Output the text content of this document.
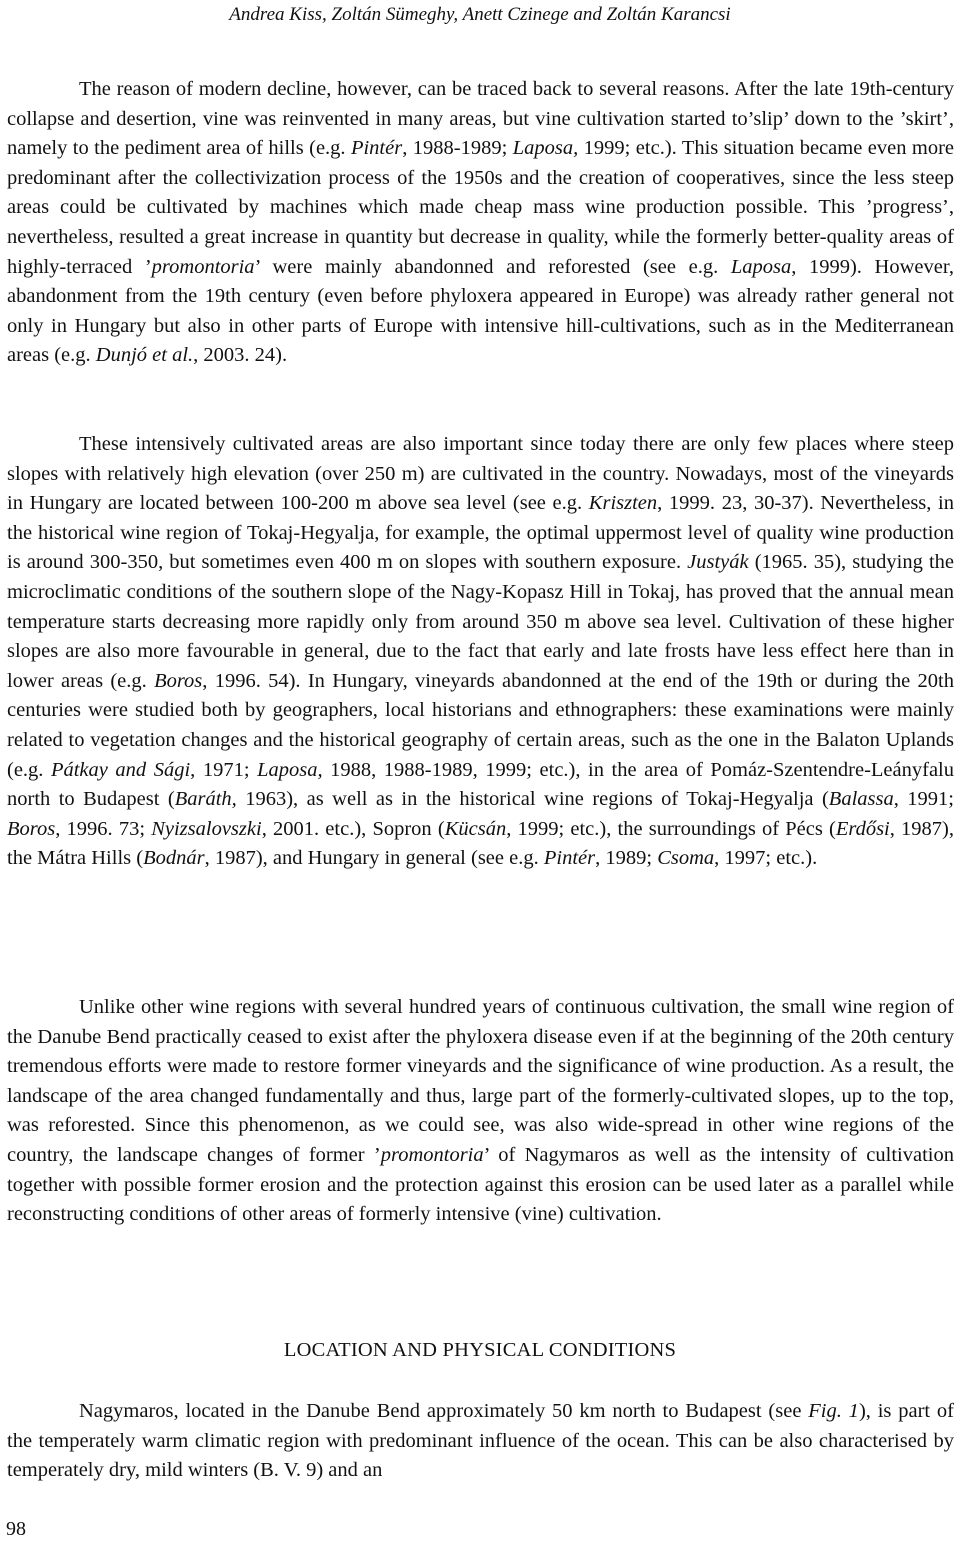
Andrea Kiss, Zoltán Sümeghy, Anett Czinege and Zoltán Karancsi

The reason of modern decline, however, can be traced back to several reasons. After the late 19th-century collapse and desertion, vine was reinvented in many areas, but vine cultivation started to’slip’ down to the ’skirt’, namely to the pediment area of hills (e.g. Pintér, 1988-1989; Laposa, 1999; etc.). This situation became even more predominant after the collectivization process of the 1950s and the creation of cooperatives, since the less steep areas could be cultivated by machines which made cheap mass wine production possible. This ’progress’, nevertheless, resulted a great increase in quantity but decrease in quality, while the formerly better-quality areas of highly-terraced ’promontoria’ were mainly abandonned and reforested (see e.g. Laposa, 1999). However, abandonment from the 19th century (even before phyloxera appeared in Europe) was already rather general not only in Hungary but also in other parts of Europe with intensive hill-cultivations, such as in the Mediterranean areas (e.g. Dunjó et al., 2003. 24).

These intensively cultivated areas are also important since today there are only few places where steep slopes with relatively high elevation (over 250 m) are cultivated in the country. Nowadays, most of the vineyards in Hungary are located between 100-200 m above sea level (see e.g. Kriszten, 1999. 23, 30-37). Nevertheless, in the historical wine region of Tokaj-Hegyalja, for example, the optimal uppermost level of quality wine production is around 300-350, but sometimes even 400 m on slopes with southern exposure. Justyák (1965. 35), studying the microclimatic conditions of the southern slope of the Nagy-Kopasz Hill in Tokaj, has proved that the annual mean temperature starts decreasing more rapidly only from around 350 m above sea level. Cultivation of these higher slopes are also more favourable in general, due to the fact that early and late frosts have less effect here than in lower areas (e.g. Boros, 1996. 54). In Hungary, vineyards abandonned at the end of the 19th or during the 20th centuries were studied both by geographers, local historians and ethnographers: these examinations were mainly related to vegetation changes and the historical geography of certain areas, such as the one in the Balaton Uplands (e.g. Pátkay and Sági, 1971; Laposa, 1988, 1988-1989, 1999; etc.), in the area of Pomáz-Szentendre-Leányfalu north to Budapest (Baráth, 1963), as well as in the historical wine regions of Tokaj-Hegyalja (Balassa, 1991; Boros, 1996. 73; Nyizsalovszki, 2001. etc.), Sopron (Kücsán, 1999; etc.), the surroundings of Pécs (Erdősi, 1987), the Mátra Hills (Bodnár, 1987), and Hungary in general (see e.g. Pintér, 1989; Csoma, 1997; etc.).

Unlike other wine regions with several hundred years of continuous cultivation, the small wine region of the Danube Bend practically ceased to exist after the phyloxera disease even if at the beginning of the 20th century tremendous efforts were made to restore former vineyards and the significance of wine production. As a result, the landscape of the area changed fundamentally and thus, large part of the formerly-cultivated slopes, up to the top, was reforested. Since this phenomenon, as we could see, was also wide-spread in other wine regions of the country, the landscape changes of former ’promontoria’ of Nagymaros as well as the intensity of cultivation together with possible former erosion and the protection against this erosion can be used later as a parallel while reconstructing conditions of other areas of formerly intensive (vine) cultivation.

LOCATION AND PHYSICAL CONDITIONS

Nagymaros, located in the Danube Bend approximately 50 km north to Budapest (see Fig. 1), is part of the temperately warm climatic region with predominant influence of the ocean. This can be also characterised by temperately dry, mild winters (B. V. 9) and an

98
